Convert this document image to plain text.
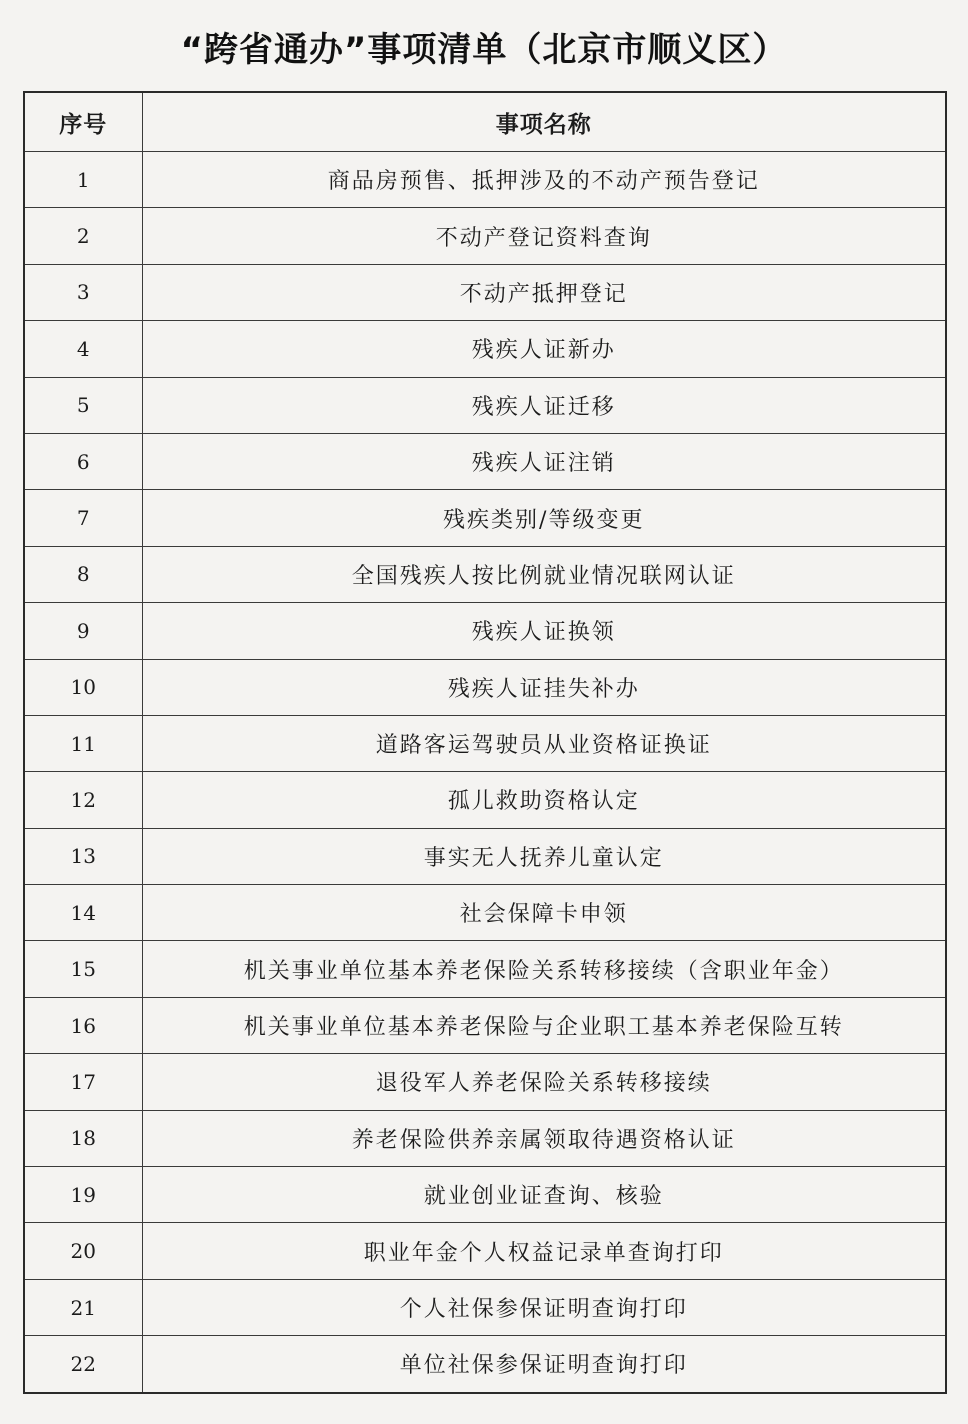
“跨省通办”事项清单（北京市顺义区）
序号	事项名称
1	商品房预售、抵押涉及的不动产预告登记
2	不动产登记资料查询
3	不动产抵押登记
4	残疾人证新办
5	残疾人证迁移
6	残疾人证注销
7	残疾类别/等级变更
8	全国残疾人按比例就业情况联网认证
9	残疾人证换领
10	残疾人证挂失补办
11	道路客运驾驶员从业资格证换证
12	孤儿救助资格认定
13	事实无人抚养儿童认定
14	社会保障卡申领
15	机关事业单位基本养老保险关系转移接续（含职业年金）
16	机关事业单位基本养老保险与企业职工基本养老保险互转
17	退役军人养老保险关系转移接续
18	养老保险供养亲属领取待遇资格认证
19	就业创业证查询、核验
20	职业年金个人权益记录单查询打印
21	个人社保参保证明查询打印
22	单位社保参保证明查询打印
